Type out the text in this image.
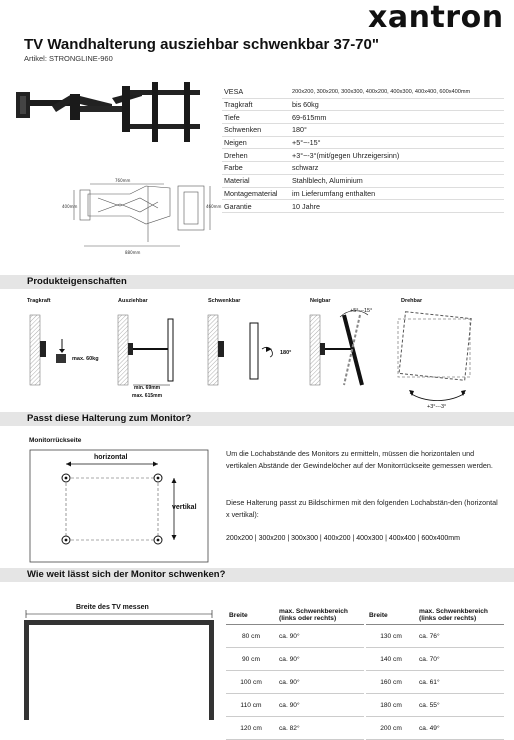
xantron
TV Wandhalterung ausziehbar schwenkbar 37-70"
Artikel: STRONGLINE-960
760mm
880mm
400mm	460mm
VESA	200x200, 300x200, 300x300, 400x200, 400x300, 400x400, 600x400mm
Tragkraft	bis 60kg
Tiefe	69-615mm
Schwenken	180°
Neigen	+5°~-15°
Drehen	+3°~-3°(mit/gegen Uhrzeigersinn)
Farbe	schwarz
Material	Stahlblech, Aluminium
Montagematerial	im Lieferumfang enthalten
Garantie	10 Jahre
Produkteigenschaften
Tragkraft	Ausziehbar	Schwenkbar	Neigbar	Drehbar
max. 60kg
min. 69mm
max. 615mm
180°
+5°---15°
+3°---3°
Passt diese Halterung zum Monitor?
Monitorrückseite
horizontal
vertikal
Um die Lochabstände des Monitors zu ermitteln, müssen die horizontalen und vertikalen Abstände der Gewindelöcher auf der Monitorrückseite gemessen werden.
Diese Halterung passt zu Bildschirmen mit den folgenden Lochabstän-den (horizontal x vertikal):
200x200 | 300x200 | 300x300 | 400x200 | 400x300 | 400x400 | 600x400mm
Wie weit lässt sich der Monitor schwenken?
Breite des TV messen
Breite	max. Schwenkbereich (links oder rechts)
80 cm	ca. 90°
90 cm	ca. 90°
100 cm	ca. 90°
110 cm	ca. 90°
120 cm	ca. 82°
Breite	max. Schwenkbereich (links oder rechts)
130 cm	ca. 76°
140 cm	ca. 70°
160 cm	ca. 61°
180 cm	ca. 55°
200 cm	ca. 49°
